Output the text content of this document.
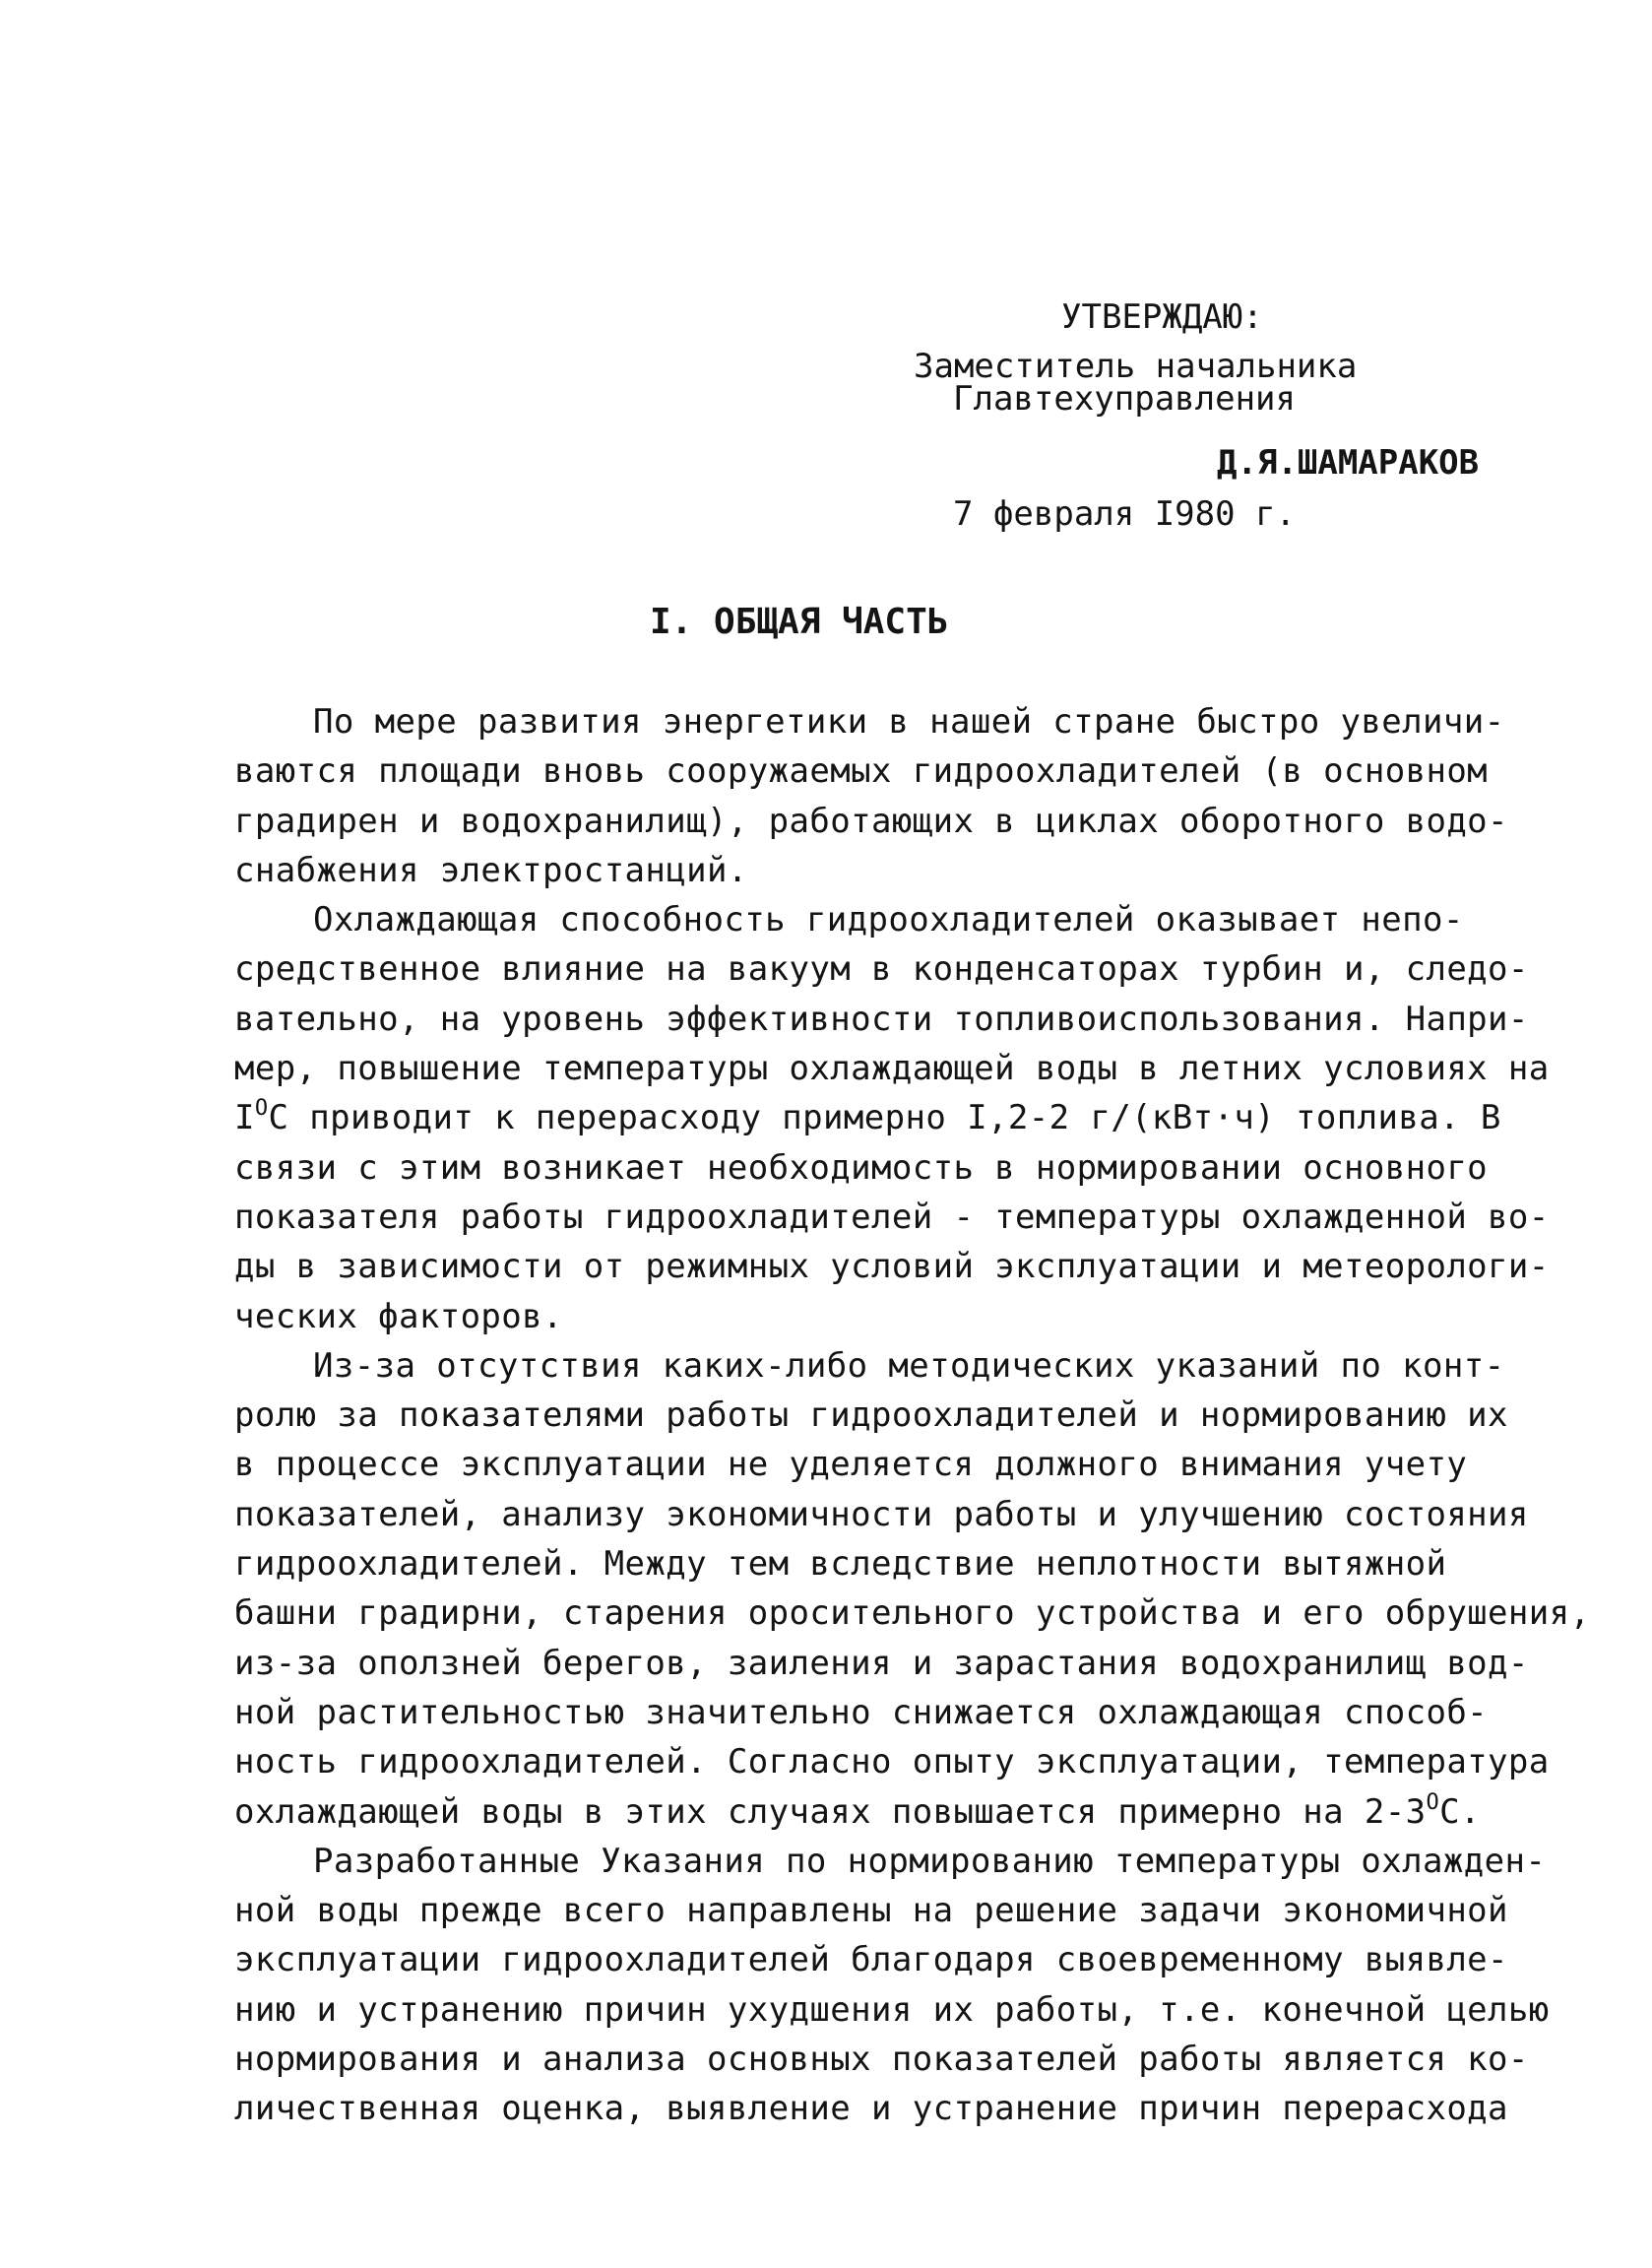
УТВЕРЖДАЮ:
Заместитель начальника
Главтехуправления
Д.Я.ШАМАРАКОВ
7 февраля I980 г.
I. ОБЩАЯ ЧАСТЬ
По мере развития энергетики в нашей стране быстро увеличи-
ваются площади вновь сооружаемых гидроохладителей (в основном
градирен и водохранилищ), работающих в циклах оборотного водо-
снабжения электростанций.
Охлаждающая способность гидроохладителей оказывает непо-
средственное влияние на вакуум в конденсаторах турбин и, следо-
вательно, на уровень эффективности топливоиспользования. Напри-
мер, повышение температуры охлаждающей воды в летних условиях на
$I^OС$ приводит к перерасходу примерно I,2-2 г/(кВт·ч) топлива. В
связи с этим возникает необходимость в нормировании основного
показателя работы гидроохладителей - температуры охлажденной во-
ды в зависимости от режимных условий эксплуатации и метеорологи-
ческих факторов.
Из-за отсутствия каких-либо методических указаний по конт-
ролю за показателями работы гидроохладителей и нормированию их
в процессе эксплуатации не уделяется должного внимания учету
показателей, анализу экономичности работы и улучшению состояния
гидроохладителей. Между тем вследствие неплотности вытяжной
башни градирни, старения оросительного устройства и его обрушения,
из-за оползней берегов, заиления и зарастания водохранилищ вод-
ной растительностью значительно снижается охлаждающая способ-
ность гидроохладителей. Согласно опыту эксплуатации, температура
охлаждающей воды в этих случаях повышается примерно на $2-3^OС$.
Разработанные Указания по нормированию температуры охлажден-
ной воды прежде всего направлены на решение задачи экономичной
эксплуатации гидроохладителей благодаря своевременному выявле-
нию и устранению причин ухудшения их работы, т.е. конечной целью
нормирования и анализа основных показателей работы является ко-
личественная оценка, выявление и устранение причин перерасхода
